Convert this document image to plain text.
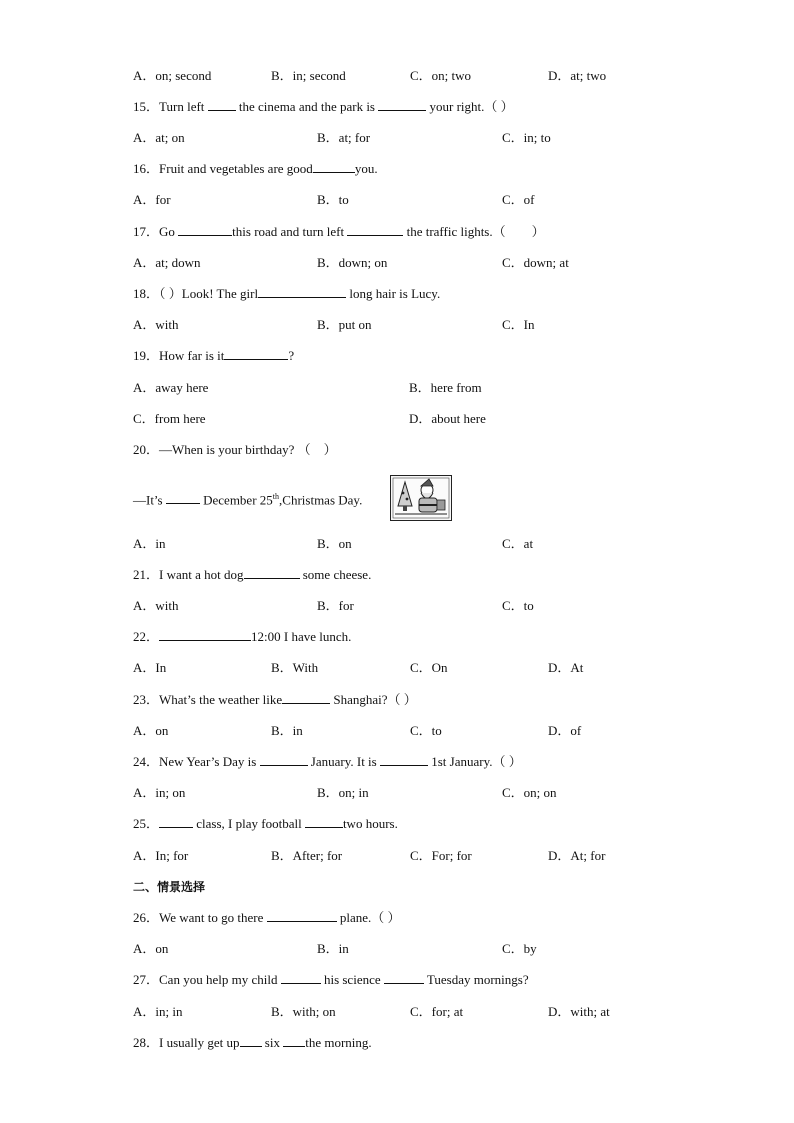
A．on; second	B．in; second	C．on; two	D．at; two
15．Turn left  the cinema and the park is	your right.（ ）
A．at; on	B．at; for	C．in; to
16．Fruit and vegetables are good	you.
A．for	B．to	C．of
17．Go	this road and turn left	the traffic lights.（　　）
A．at; down	B．down; on	C．down; at
18．（ ）Look! The girl	long hair is Lucy.
A．with	B．put on	C．In
19．How far is it	?
A．away here	B．here from
C．from here	D．about here
20．—When is your birthday? （　）
—It’s	December 25th,Christmas Day.
A．in	B．on	C．at
21．I want a hot dog	some cheese.
A．with	B．for	C．to
22．	12:00 I have lunch.
A．In	B．With	C．On	D．At
23．What’s the weather like	Shanghai?（ ）
A．on	B．in	C．to	D．of
24．New Year’s Day is	January. It is	1st January.（ ）
A．in; on	B．on; in	C．on; on
25．	class, I play football	two hours.
A．In; for	B．After; for	C．For; for	D．At; for
二、情景选择
26．We want to go there	plane.（ ）
A．on	B．in	C．by
27．Can you help my child	his science	Tuesday mornings?
A．in; in	B．with; on	C．for; at	D．with; at
28．I usually get up six the morning.
